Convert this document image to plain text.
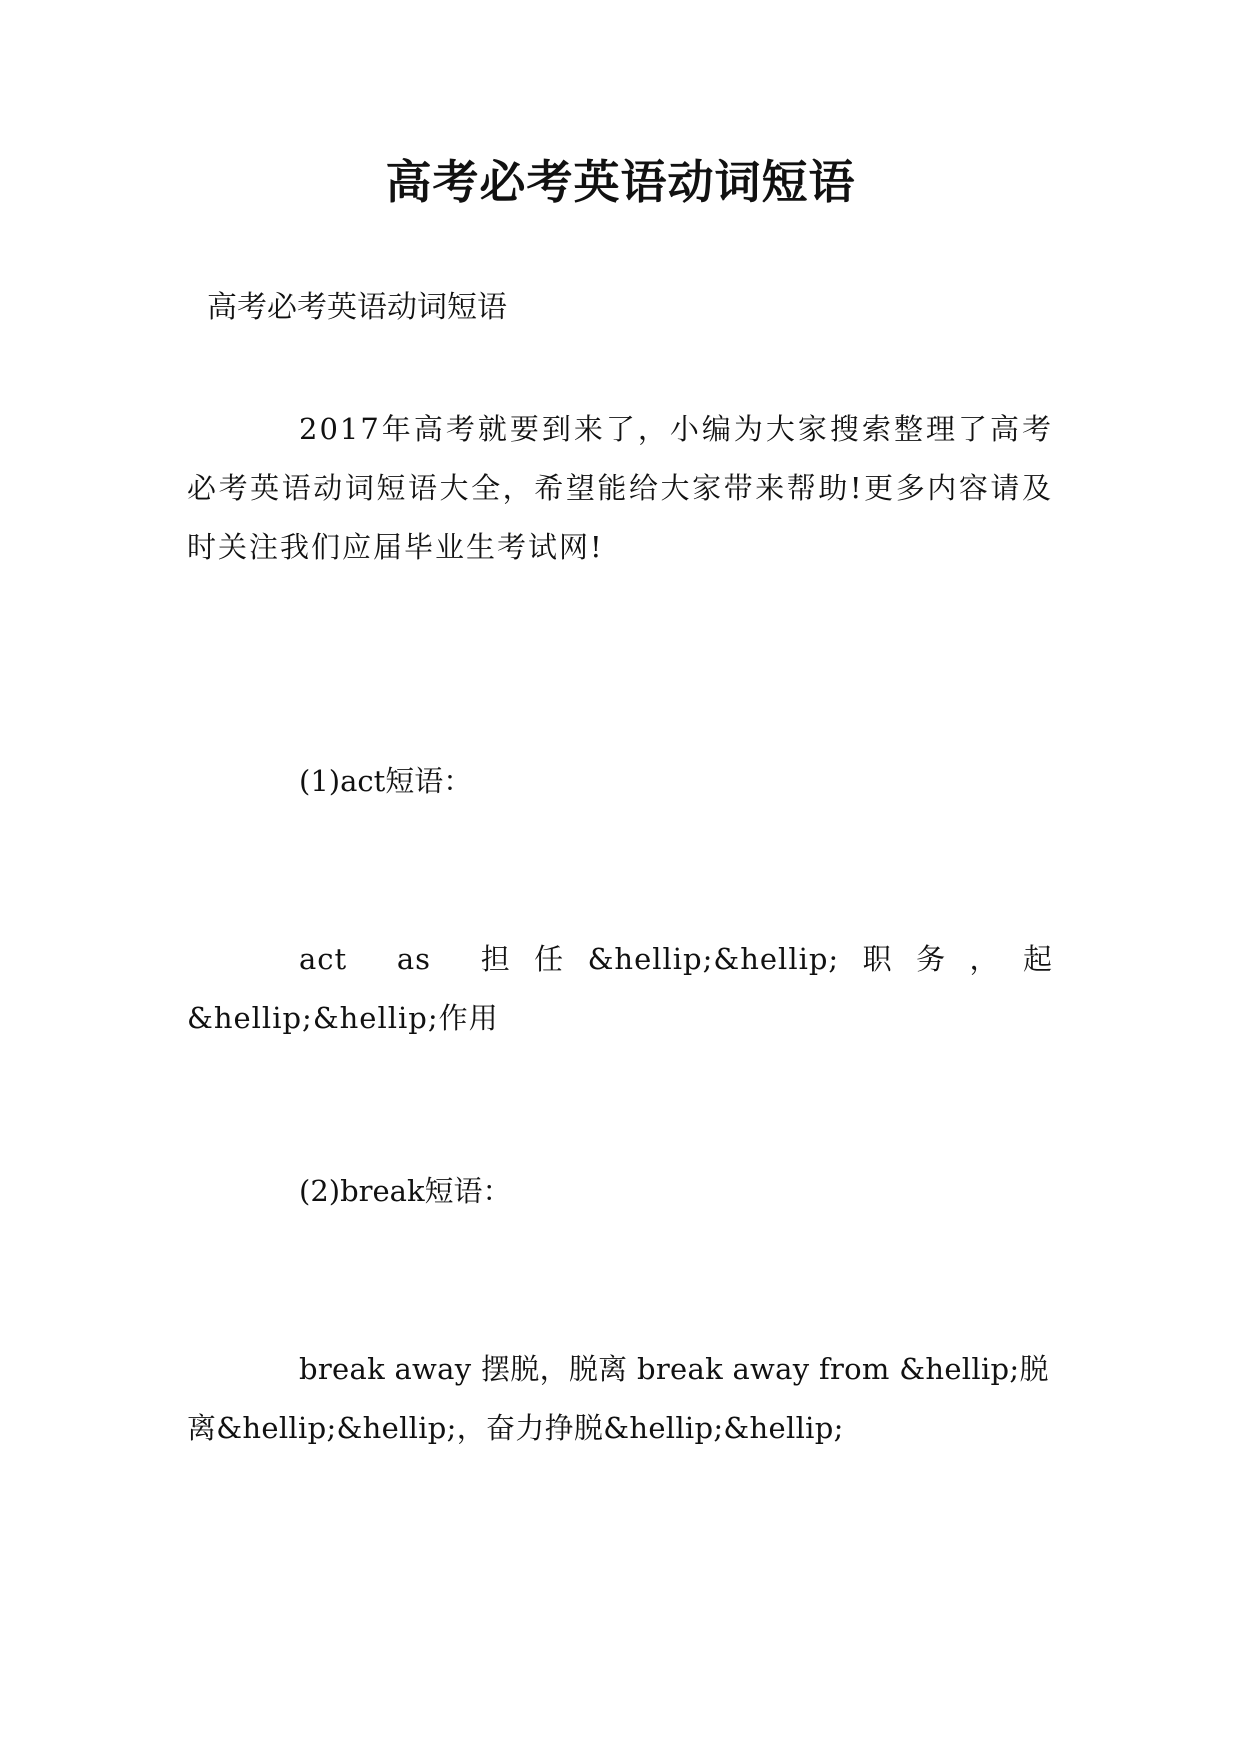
高考必考英语动词短语

高考必考英语动词短语

2017年高考就要到来了，小编为大家搜索整理了高考必考英语动词短语大全，希望能给大家带来帮助!更多内容请及时关注我们应届毕业生考试网!

(1)act短语：

act as 担任&hellip;&hellip;职务，起&hellip;&hellip;作用

(2)break短语：

break away 摆脱，脱离 break away from &hellip;脱离&hellip;&hellip;，奋力挣脱&hellip;&hellip;
